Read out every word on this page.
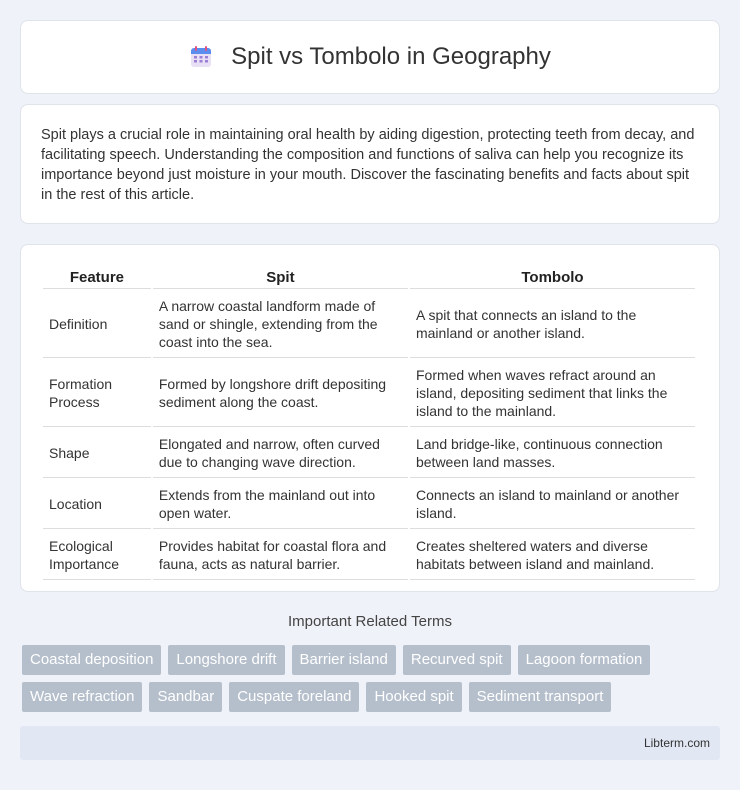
Spit vs Tombolo in Geography

Spit plays a crucial role in maintaining oral health by aiding digestion, protecting teeth from decay, and facilitating speech. Understanding the composition and functions of saliva can help you recognize its importance beyond just moisture in your mouth. Discover the fascinating benefits and facts about spit in the rest of this article.

Feature	Spit	Tombolo
Definition	A narrow coastal landform made of sand or shingle, extending from the coast into the sea.	A spit that connects an island to the mainland or another island.
Formation Process	Formed by longshore drift depositing sediment along the coast.	Formed when waves refract around an island, depositing sediment that links the island to the mainland.
Shape	Elongated and narrow, often curved due to changing wave direction.	Land bridge-like, continuous connection between land masses.
Location	Extends from the mainland out into open water.	Connects an island to mainland or another island.
Ecological Importance	Provides habitat for coastal flora and fauna, acts as natural barrier.	Creates sheltered waters and diverse habitats between island and mainland.
Important Related Terms
Coastal deposition	Longshore drift	Barrier island	Recurved spit	Lagoon formation
Wave refraction	Sandbar	Cuspate foreland	Hooked spit	Sediment transport
Libterm.com
